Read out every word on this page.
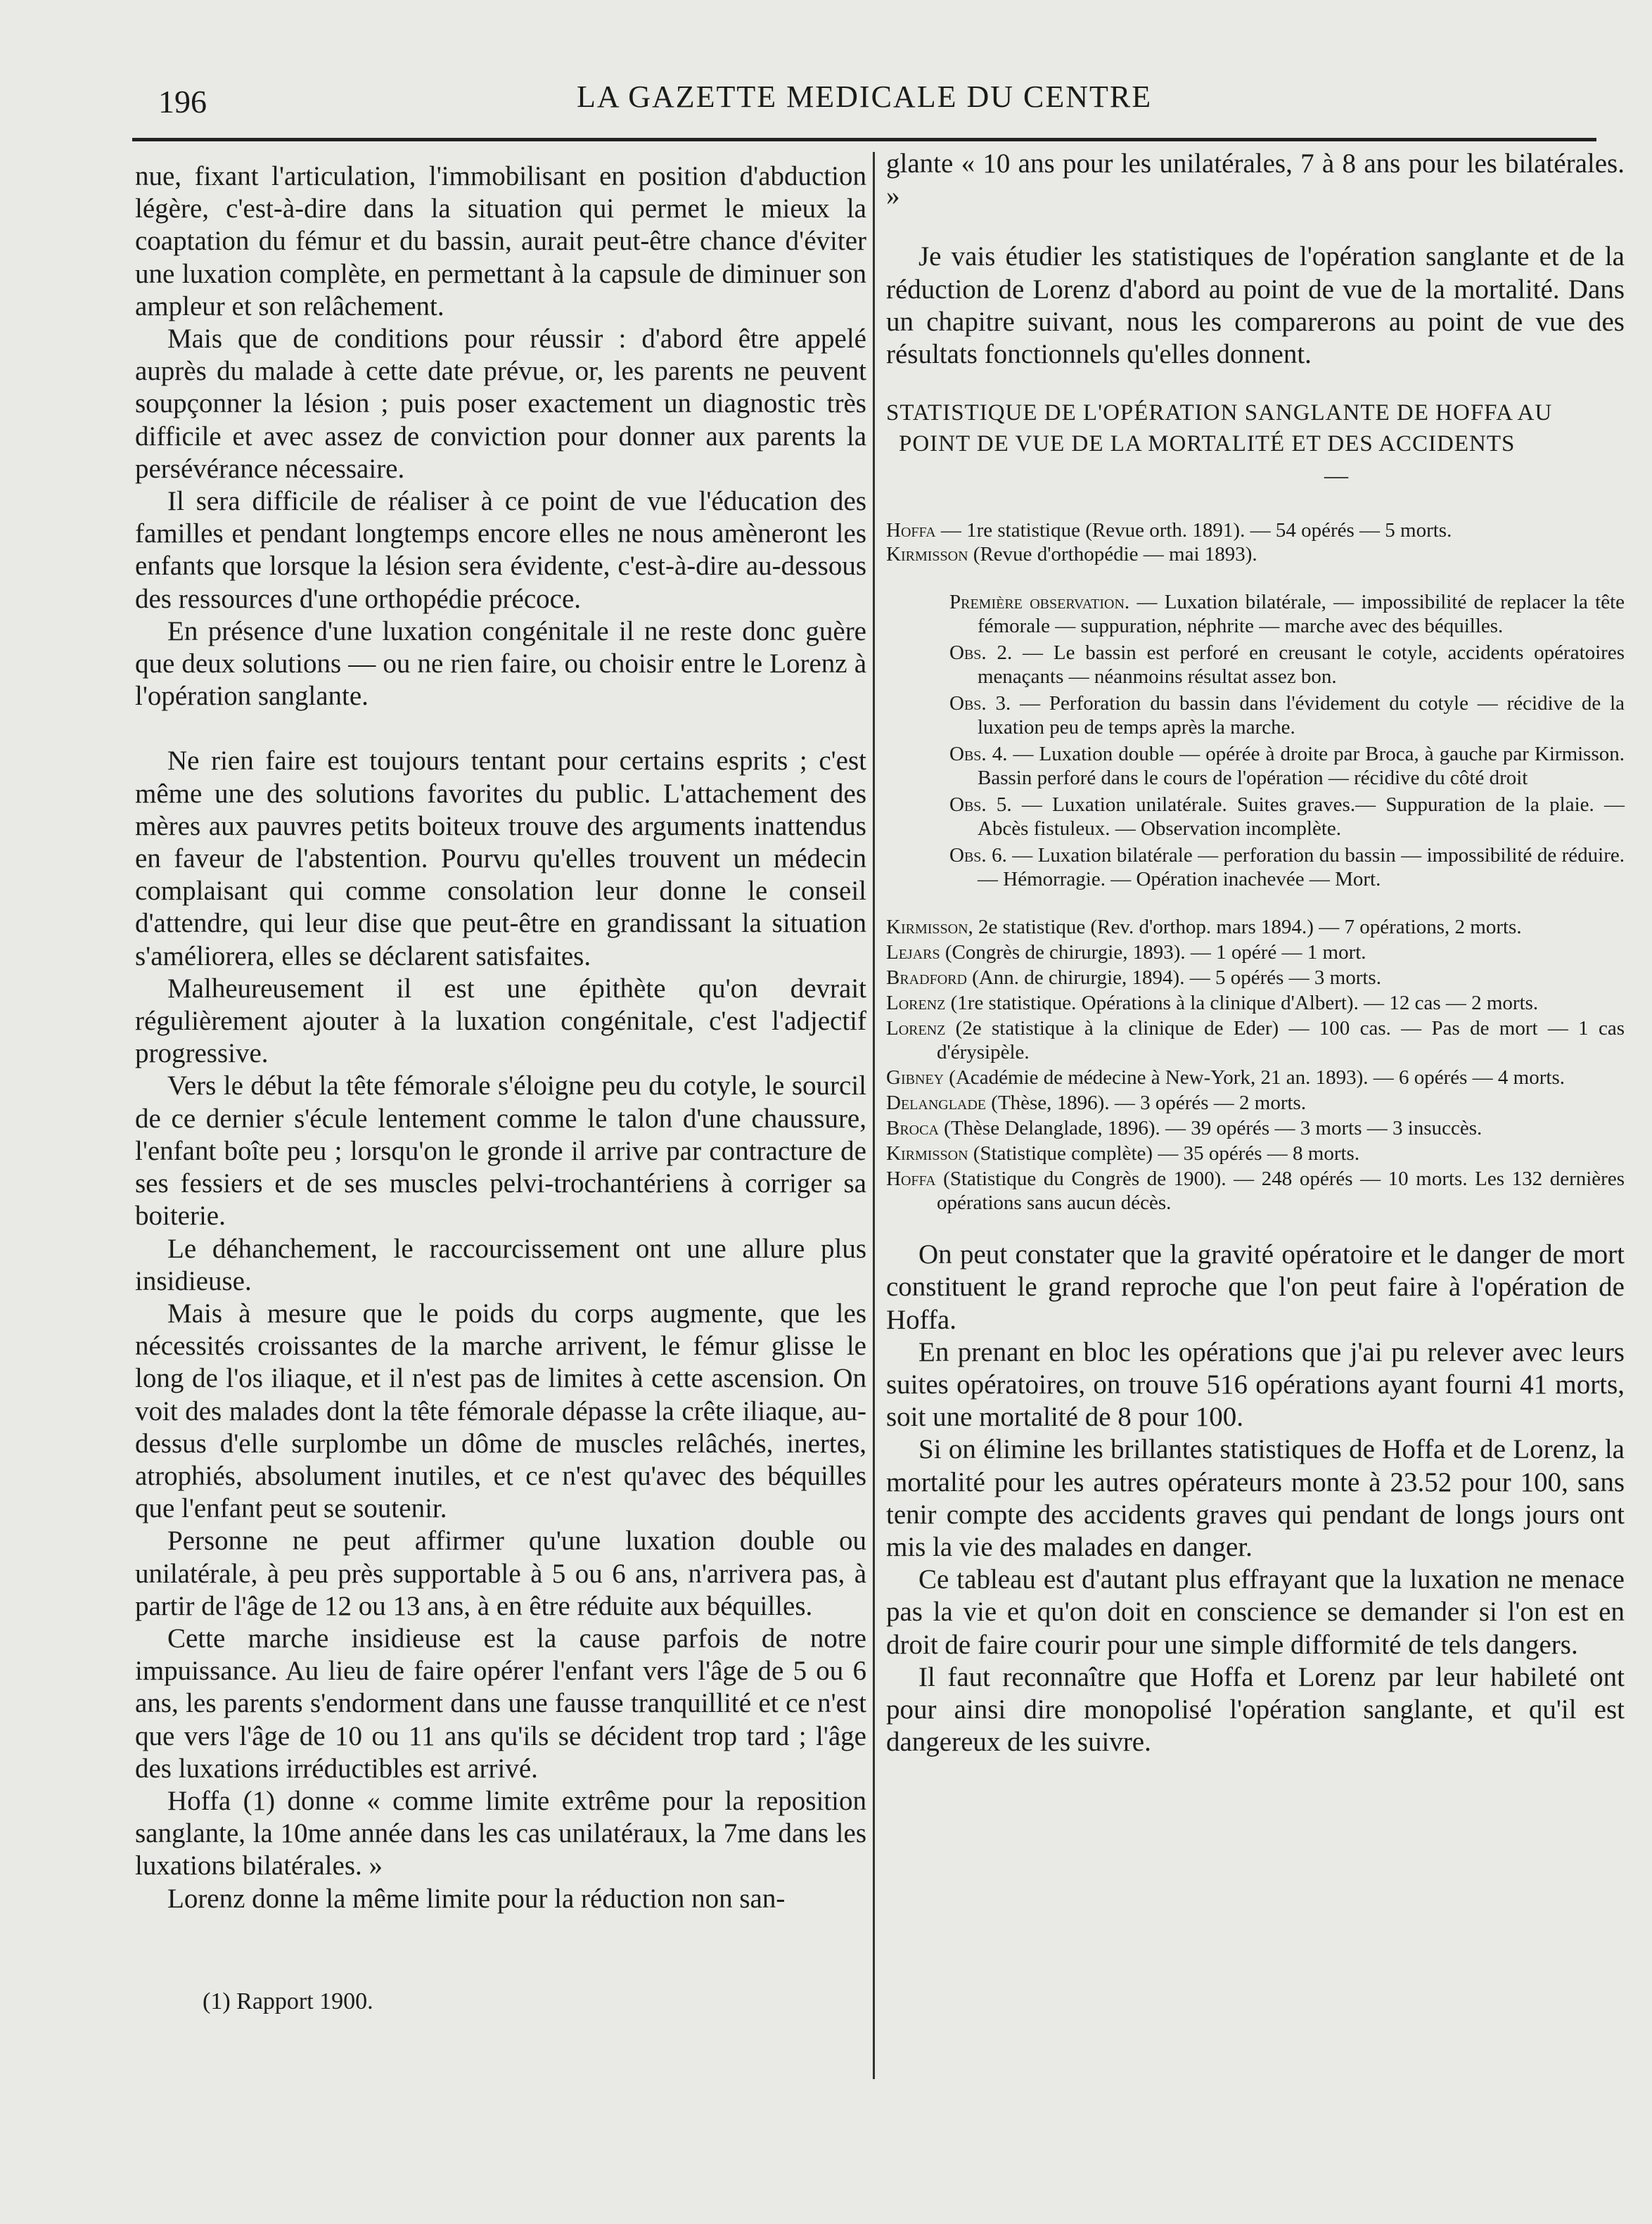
196	LA GAZETTE MEDICALE DU CENTRE

nue, fixant l'articulation, l'immobilisant en position d'abduction légère, c'est-à-dire dans la situation qui permet le mieux la coaptation du fémur et du bassin, aurait peut-être chance d'éviter une luxation complète, en permettant à la capsule de diminuer son ampleur et son relâchement.

Mais que de conditions pour réussir : d'abord être appelé auprès du malade à cette date prévue, or, les parents ne peuvent soupçonner la lésion ; puis poser exactement un diagnostic très difficile et avec assez de conviction pour donner aux parents la persévérance nécessaire.

Il sera difficile de réaliser à ce point de vue l'éducation des familles et pendant longtemps encore elles ne nous amèneront les enfants que lorsque la lésion sera évidente, c'est-à-dire au-dessous des ressources d'une orthopédie précoce.

En présence d'une luxation congénitale il ne reste donc guère que deux solutions — ou ne rien faire, ou choisir entre le Lorenz à l'opération sanglante.

Ne rien faire est toujours tentant pour certains esprits ; c'est même une des solutions favorites du public. L'attachement des mères aux pauvres petits boiteux trouve des arguments inattendus en faveur de l'abstention. Pourvu qu'elles trouvent un médecin complaisant qui comme consolation leur donne le conseil d'attendre, qui leur dise que peut-être en grandissant la situation s'améliorera, elles se déclarent satisfaites.

Malheureusement il est une épithète qu'on devrait régulièrement ajouter à la luxation congénitale, c'est l'adjectif progressive.

Vers le début la tête fémorale s'éloigne peu du cotyle, le sourcil de ce dernier s'écule lentement comme le talon d'une chaussure, l'enfant boîte peu ; lorsqu'on le gronde il arrive par contracture de ses fessiers et de ses muscles pelvi-trochantériens à corriger sa boiterie.

Le déhanchement, le raccourcissement ont une allure plus insidieuse.

Mais à mesure que le poids du corps augmente, que les nécessités croissantes de la marche arrivent, le fémur glisse le long de l'os iliaque, et il n'est pas de limites à cette ascension. On voit des malades dont la tête fémorale dépasse la crête iliaque, au-dessus d'elle surplombe un dôme de muscles relâchés, inertes, atrophiés, absolument inutiles, et ce n'est qu'avec des béquilles que l'enfant peut se soutenir.

Personne ne peut affirmer qu'une luxation double ou unilatérale, à peu près supportable à 5 ou 6 ans, n'arrivera pas, à partir de l'âge de 12 ou 13 ans, à en être réduite aux béquilles.

Cette marche insidieuse est la cause parfois de notre impuissance. Au lieu de faire opérer l'enfant vers l'âge de 5 ou 6 ans, les parents s'endorment dans une fausse tranquillité et ce n'est que vers l'âge de 10 ou 11 ans qu'ils se décident trop tard ; l'âge des luxations irréductibles est arrivé.

Hoffa (1) donne « comme limite extrême pour la reposition sanglante, la 10me année dans les cas unilatéraux, la 7me dans les luxations bilatérales. »

Lorenz donne la même limite pour la réduction non san-

(1) Rapport 1900.

glante « 10 ans pour les unilatérales, 7 à 8 ans pour les bilatérales. »

Je vais étudier les statistiques de l'opération sanglante et de la réduction de Lorenz d'abord au point de vue de la mortalité. Dans un chapitre suivant, nous les comparerons au point de vue des résultats fonctionnels qu'elles donnent.

STATISTIQUE DE L'OPÉRATION SANGLANTE DE HOFFA AU POINT DE VUE DE LA MORTALITÉ ET DES ACCIDENTS
—
Hoffa — 1re statistique (Revue orth. 1891). — 54 opérés — 5 morts.
Kirmisson (Revue d'orthopédie — mai 1893).
Première observation. — Luxation bilatérale, — impossibilité de replacer la tête fémorale — suppuration, néphrite — marche avec des béquilles.
Obs. 2. — Le bassin est perforé en creusant le cotyle, accidents opératoires menaçants — néanmoins résultat assez bon.
Obs. 3. — Perforation du bassin dans l'évidement du cotyle — récidive de la luxation peu de temps après la marche.
Obs. 4. — Luxation double — opérée à droite par Broca, à gauche par Kirmisson. Bassin perforé dans le cours de l'opération — récidive du côté droit
Obs. 5. — Luxation unilatérale. Suites graves.— Suppuration de la plaie. — Abcès fistuleux. — Observation incomplète.
Obs. 6. — Luxation bilatérale — perforation du bassin — impossibilité de réduire. — Hémorragie. — Opération inachevée — Mort.
Kirmisson, 2e statistique (Rev. d'orthop. mars 1894.) — 7 opérations, 2 morts.
Lejars (Congrès de chirurgie, 1893). — 1 opéré — 1 mort.
Bradford (Ann. de chirurgie, 1894). — 5 opérés — 3 morts.
Lorenz (1re statistique. Opérations à la clinique d'Albert). — 12 cas — 2 morts.
Lorenz (2e statistique à la clinique de Eder) — 100 cas. — Pas de mort — 1 cas d'érysipèle.
Gibney (Académie de médecine à New-York, 21 an. 1893). — 6 opérés — 4 morts.
Delanglade (Thèse, 1896). — 3 opérés — 2 morts.
Broca (Thèse Delanglade, 1896). — 39 opérés — 3 morts — 3 insuccès.
Kirmisson (Statistique complète) — 35 opérés — 8 morts.
Hoffa (Statistique du Congrès de 1900). — 248 opérés — 10 morts. Les 132 dernières opérations sans aucun décès.

On peut constater que la gravité opératoire et le danger de mort constituent le grand reproche que l'on peut faire à l'opération de Hoffa.

En prenant en bloc les opérations que j'ai pu relever avec leurs suites opératoires, on trouve 516 opérations ayant fourni 41 morts, soit une mortalité de 8 pour 100.

Si on élimine les brillantes statistiques de Hoffa et de Lorenz, la mortalité pour les autres opérateurs monte à 23.52 pour 100, sans tenir compte des accidents graves qui pendant de longs jours ont mis la vie des malades en danger.

Ce tableau est d'autant plus effrayant que la luxation ne menace pas la vie et qu'on doit en conscience se demander si l'on est en droit de faire courir pour une simple difformité de tels dangers.

Il faut reconnaître que Hoffa et Lorenz par leur habileté ont pour ainsi dire monopolisé l'opération sanglante, et qu'il est dangereux de les suivre.
